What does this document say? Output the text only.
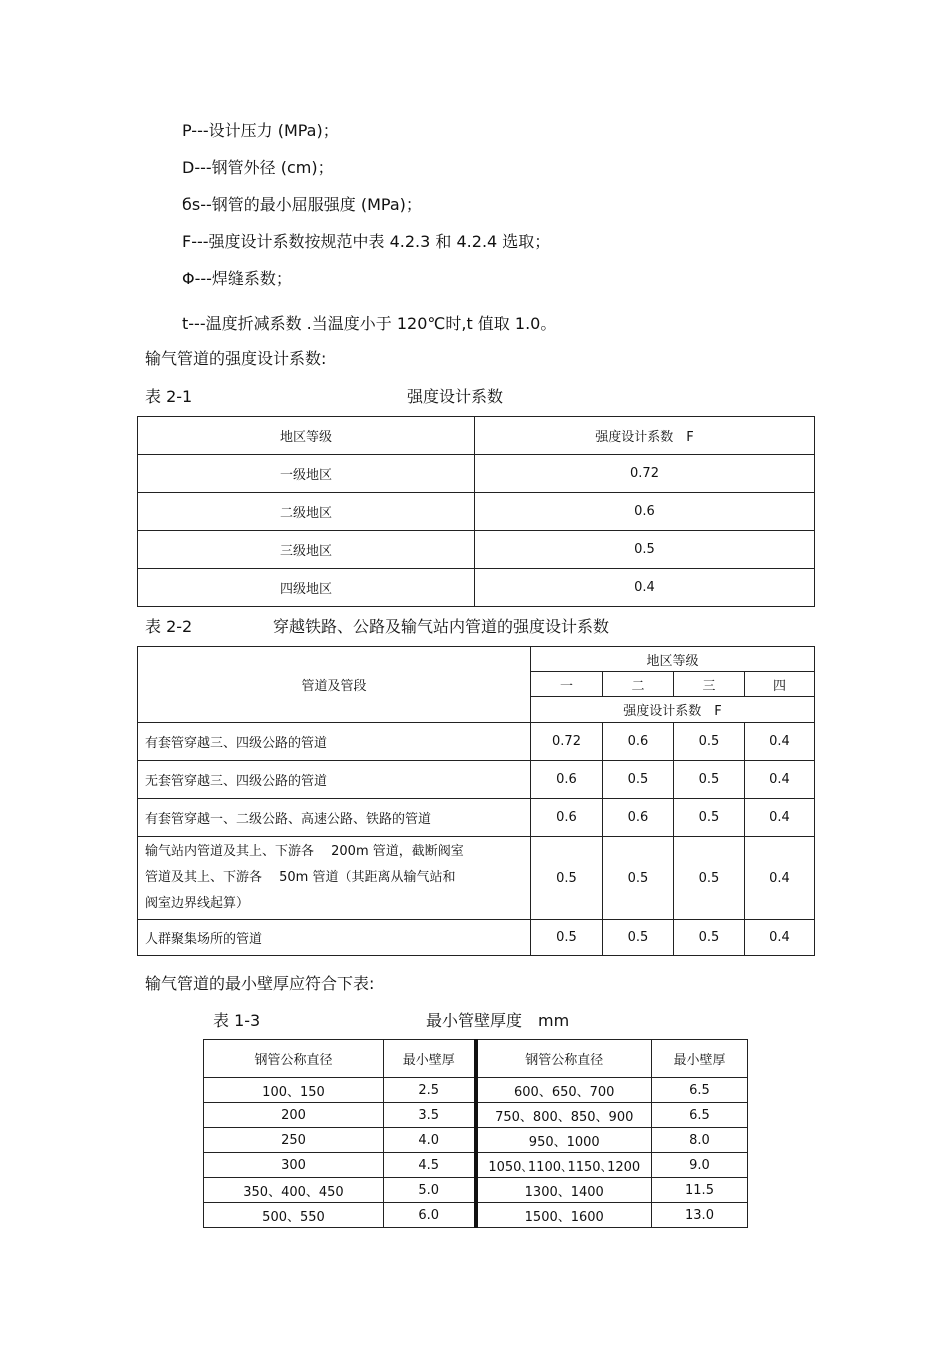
P---设计压力 (MPa)；
D---钢管外径 (cm)；
бs--钢管的最小屈服强度 (MPa)；
F---强度设计系数按规范中表 4.2.3 和 4.2.4 选取；
Φ---焊缝系数；
t---温度折减系数 .当温度小于 120℃时,t 值取 1.0。
输气管道的强度设计系数:
表 2-1	强度设计系数
地区等级	强度设计系数　F
一级地区	0.72
二级地区	0.6
三级地区	0.5
四级地区	0.4
表 2-2	穿越铁路、公路及输气站内管道的强度设计系数
管道及管段	地区等级			
	一	二	三	四
	强度设计系数　F			
有套管穿越三、四级公路的管道	0.72	0.6	0.5	0.4
无套管穿越三、四级公路的管道	0.6	0.5	0.5	0.4
有套管穿越一、二级公路、高速公路、铁路的管道	0.6	0.6	0.5	0.4

输气站内管道及其上、下游各　 200m 管道，截断阀室
管道及其上、下游各　 50m 管道（其距离从输气站和
阀室边界线起算）	0.5	0.5	0.5	0.4
人群聚集场所的管道	0.5	0.5	0.5	0.4
输气管道的最小壁厚应符合下表:
表 1-3	最小管壁厚度　mm
钢管公称直径	最小壁厚	钢管公称直径	最小壁厚
100、150	2.5	600、650、700	6.5
200	3.5	750、800、850、900	6.5
250	4.0	950、1000	8.0
300	4.5	1050､1100､1150､1200	9.0
350、400、450	5.0	1300、1400	11.5
500、550	6.0	1500、1600	13.0
